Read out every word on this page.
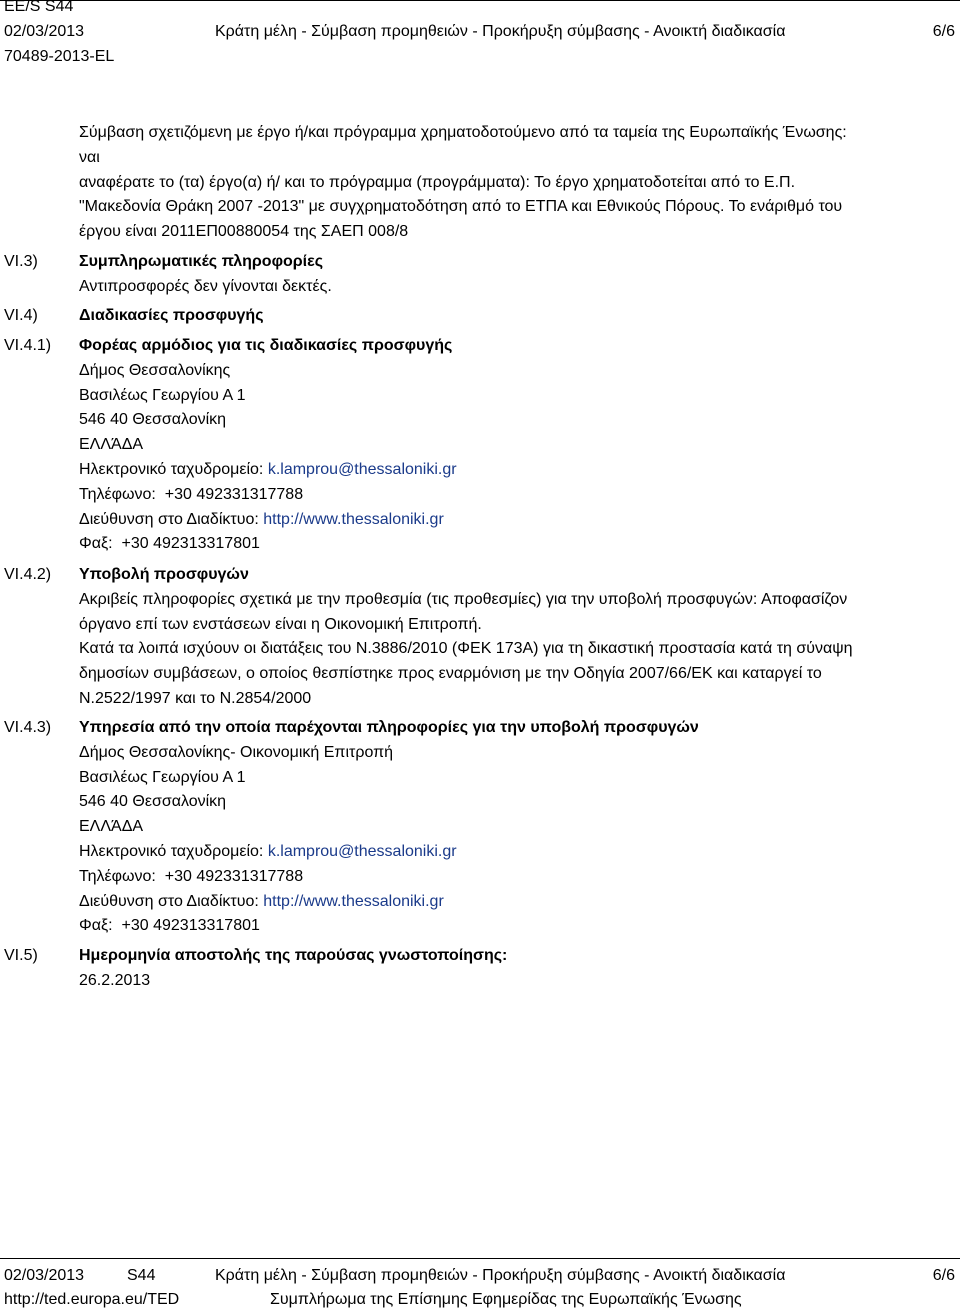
EE/S S44
02/03/2013
70489-2013-EL
Κράτη μέλη - Σύμβαση προμηθειών - Προκήρυξη σύμβασης - Ανοικτή διαδικασία	6/6
VI.3)
VI.4)
VI.4.1)
VI.4.2)
VI.4.3)
VI.5)
Σύμβαση σχετιζόμενη με έργο ή/και πρόγραμμα χρηματοδοτούμενο από τα ταμεία της Ευρωπαϊκής Ένωσης:
ναι
αναφέρατε το (τα) έργο(α) ή/ και το πρόγραμμα (προγράμματα): Το έργο χρηματοδοτείται από το Ε.Π.
"Μακεδονία Θράκη 2007 -2013" με συγχρηματοδότηση από το ΕΤΠΑ και Εθνικούς Πόρους. Το ενάριθμό του
έργου είναι 2011ΕΠ00880054 της ΣΑΕΠ 008/8
Συμπληρωματικές πληροφορίες
Αντιπροσφορές δεν γίνονται δεκτές.
Διαδικασίες προσφυγής
Φορέας αρμόδιος για τις διαδικασίες προσφυγής
Δήμος Θεσσαλονίκης
Βασιλέως Γεωργίου Α 1
546 40 Θεσσαλονίκη
ΕΛΛΆΔΑ
Ηλεκτρονικό ταχυδρομείο: k.lamprou@thessaloniki.gr
Τηλέφωνο: +30 492331317788
Διεύθυνση στο Διαδίκτυο: http://www.thessaloniki.gr
Φαξ: +30 492313317801
Υποβολή προσφυγών
Ακριβείς πληροφορίες σχετικά με την προθεσμία (τις προθεσμίες) για την υποβολή προσφυγών: Αποφασίζον
όργανο επί των ενστάσεων είναι η Οικονομική Επιτροπή.
Κατά τα λοιπά ισχύουν οι διατάξεις του Ν.3886/2010 (ΦΕΚ 173Α) για τη δικαστική προστασία κατά τη σύναψη
δημοσίων συμβάσεων, ο οποίος θεσπίστηκε προς εναρμόνιση με την Οδηγία 2007/66/ΕΚ και καταργεί το
Ν.2522/1997 και το Ν.2854/2000
Υπηρεσία από την οποία παρέχονται πληροφορίες για την υποβολή προσφυγών
Δήμος Θεσσαλονίκης- Οικονομική Επιτροπή
Βασιλέως Γεωργίου Α 1
546 40 Θεσσαλονίκη
ΕΛΛΆΔΑ
Ηλεκτρονικό ταχυδρομείο: k.lamprou@thessaloniki.gr
Τηλέφωνο: +30 492331317788
Διεύθυνση στο Διαδίκτυο: http://www.thessaloniki.gr
Φαξ: +30 492313317801
Ημερομηνία αποστολής της παρούσας γνωστοποίησης:
26.2.2013
02/03/2013	S44
http://ted.europa.eu/TED
Κράτη μέλη - Σύμβαση προμηθειών - Προκήρυξη σύμβασης - Ανοικτή διαδικασία
Συμπλήρωμα της Επίσημης Εφημερίδας της Ευρωπαϊκής Ένωσης
6/6
